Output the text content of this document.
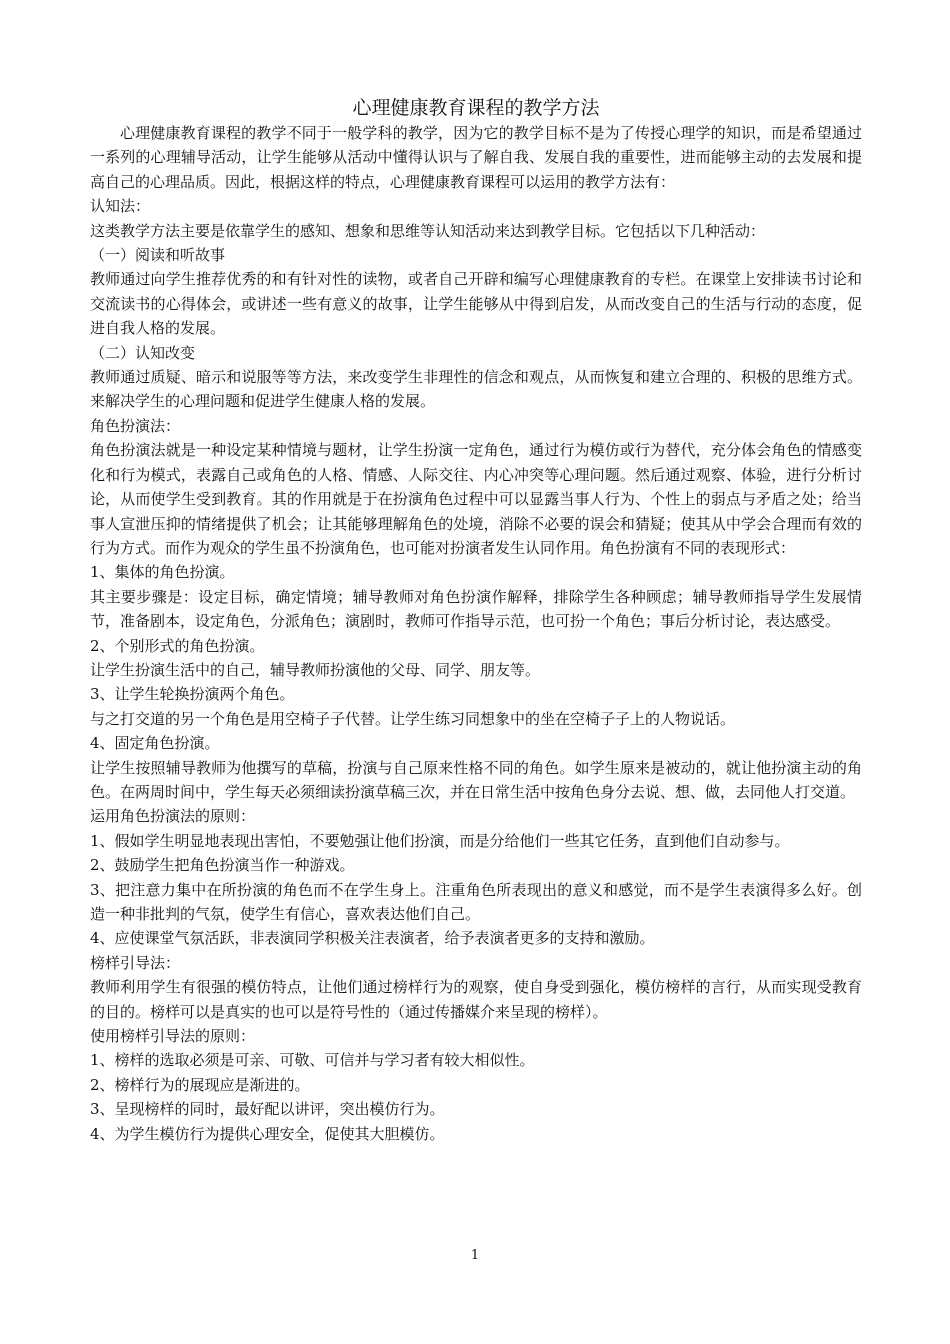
心理健康教育课程的教学方法

心理健康教育课程的教学不同于一般学科的教学，因为它的教学目标不是为了传授心理学的知识，而是希望通过一系列的心理辅导活动，让学生能够从活动中懂得认识与了解自我、发展自我的重要性，进而能够主动的去发展和提高自己的心理品质。因此，根据这样的特点，心理健康教育课程可以运用的教学方法有：

认知法：

这类教学方法主要是依靠学生的感知、想象和思维等认知活动来达到教学目标。它包括以下几种活动：

（一）阅读和听故事

教师通过向学生推荐优秀的和有针对性的读物，或者自己开辟和编写心理健康教育的专栏。在课堂上安排读书讨论和交流读书的心得体会，或讲述一些有意义的故事，让学生能够从中得到启发，从而改变自己的生活与行动的态度，促进自我人格的发展。

（二）认知改变

教师通过质疑、暗示和说服等等方法，来改变学生非理性的信念和观点，从而恢复和建立合理的、积极的思维方式。来解决学生的心理问题和促进学生健康人格的发展。

角色扮演法：

角色扮演法就是一种设定某种情境与题材，让学生扮演一定角色，通过行为模仿或行为替代，充分体会角色的情感变化和行为模式，表露自己或角色的人格、情感、人际交往、内心冲突等心理问题。然后通过观察、体验，进行分析讨论，从而使学生受到教育。其的作用就是于在扮演角色过程中可以显露当事人行为、个性上的弱点与矛盾之处；给当事人宣泄压抑的情绪提供了机会；让其能够理解角色的处境，消除不必要的误会和猜疑；使其从中学会合理而有效的行为方式。而作为观众的学生虽不扮演角色，也可能对扮演者发生认同作用。角色扮演有不同的表现形式：

1、集体的角色扮演。

其主要步骤是：设定目标，确定情境；辅导教师对角色扮演作解释，排除学生各种顾虑；辅导教师指导学生发展情节，准备剧本，设定角色，分派角色；演剧时，教师可作指导示范，也可扮一个角色；事后分析讨论，表达感受。

2、个别形式的角色扮演。

让学生扮演生活中的自己，辅导教师扮演他的父母、同学、朋友等。

3、让学生轮换扮演两个角色。

与之打交道的另一个角色是用空椅子子代替。让学生练习同想象中的坐在空椅子子上的人物说话。

4、固定角色扮演。

让学生按照辅导教师为他撰写的草稿，扮演与自己原来性格不同的角色。如学生原来是被动的，就让他扮演主动的角色。在两周时间中，学生每天必须细读扮演草稿三次，并在日常生活中按角色身分去说、想、做，去同他人打交道。

运用角色扮演法的原则：

1、假如学生明显地表现出害怕，不要勉强让他们扮演，而是分给他们一些其它任务，直到他们自动参与。

2、鼓励学生把角色扮演当作一种游戏。

3、把注意力集中在所扮演的角色而不在学生身上。注重角色所表现出的意义和感觉，而不是学生表演得多么好。创造一种非批判的气氛，使学生有信心，喜欢表达他们自己。

4、应使课堂气氛活跃，非表演同学积极关注表演者，给予表演者更多的支持和激励。

榜样引导法：

教师利用学生有很强的模仿特点，让他们通过榜样行为的观察，使自身受到强化，模仿榜样的言行，从而实现受教育的目的。榜样可以是真实的也可以是符号性的（通过传播媒介来呈现的榜样）。

使用榜样引导法的原则：

1、榜样的选取必须是可亲、可敬、可信并与学习者有较大相似性。

2、榜样行为的展现应是渐进的。

3、呈现榜样的同时，最好配以讲评，突出模仿行为。

4、为学生模仿行为提供心理安全，促使其大胆模仿。

1
